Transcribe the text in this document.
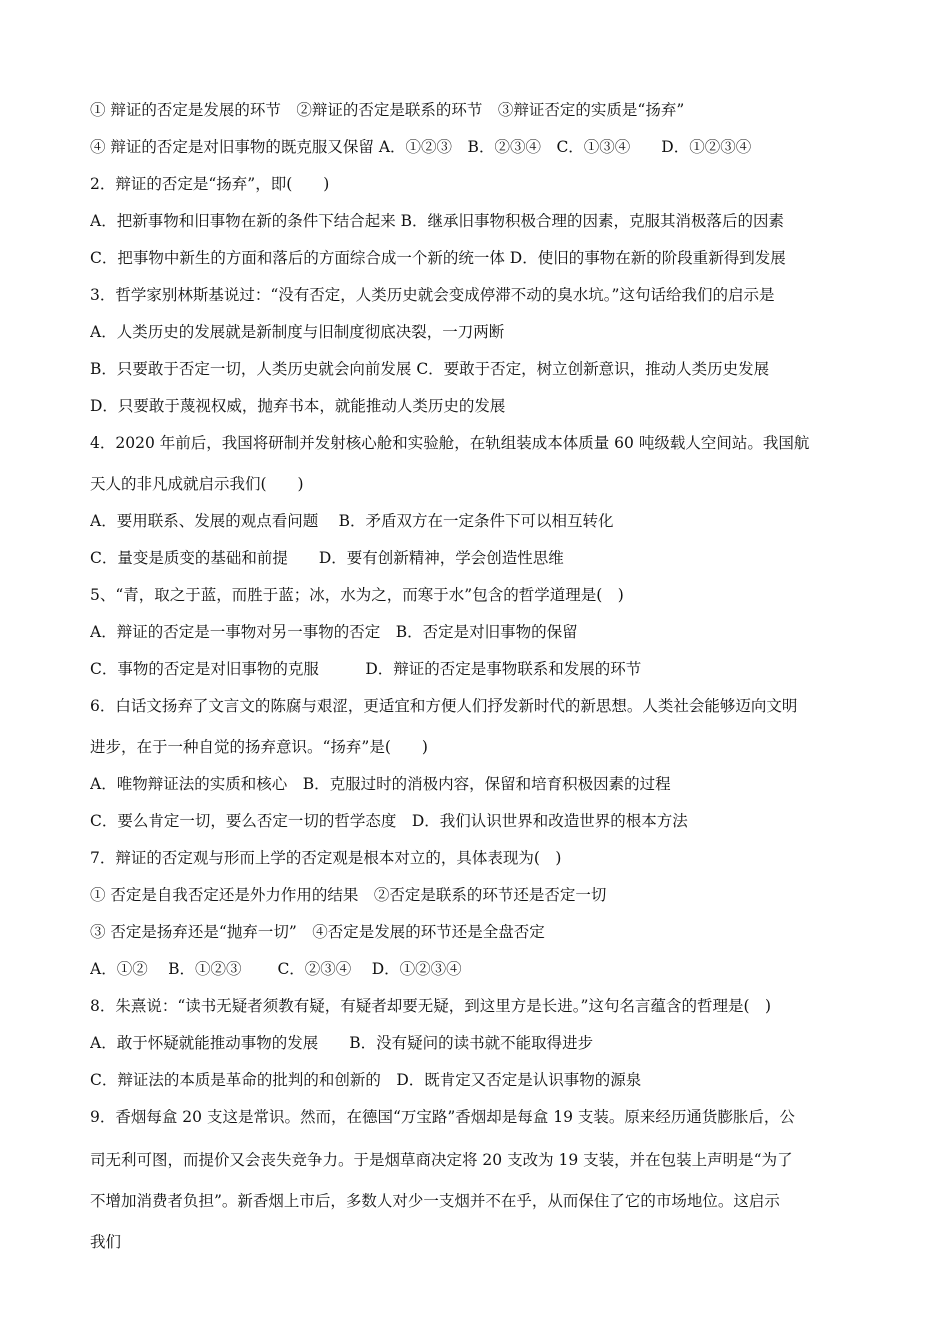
① 辩证的否定是发展的环节　②辩证的否定是联系的环节　③辩证否定的实质是“扬弃”
④ 辩证的否定是对旧事物的既克服又保留 A．①②③　B．②③④　C．①③④　　D．①②③④
2．辩证的否定是“扬弃”，即(　　)
A．把新事物和旧事物在新的条件下结合起来 B．继承旧事物积极合理的因素，克服其消极落后的因素
C．把事物中新生的方面和落后的方面综合成一个新的统一体 D．使旧的事物在新的阶段重新得到发展
3．哲学家别林斯基说过：“没有否定，人类历史就会变成停滞不动的臭水坑。”这句话给我们的启示是
A．人类历史的发展就是新制度与旧制度彻底决裂，一刀两断
B．只要敢于否定一切，人类历史就会向前发展 C．要敢于否定，树立创新意识，推动人类历史发展
D．只要敢于蔑视权威，抛弃书本，就能推动人类历史的发展
4．2020 年前后，我国将研制并发射核心舱和实验舱，在轨组装成本体质量 60 吨级载人空间站。我国航
天人的非凡成就启示我们(　　)
A．要用联系、发展的观点看问题　 B．矛盾双方在一定条件下可以相互转化
C．量变是质变的基础和前提　　D．要有创新精神，学会创造性思维
5、“青，取之于蓝，而胜于蓝；冰，水为之，而寒于水”包含的哲学道理是(　)
A．辩证的否定是一事物对另一事物的否定　B．否定是对旧事物的保留
C．事物的否定是对旧事物的克服　　　D．辩证的否定是事物联系和发展的环节
6．白话文扬弃了文言文的陈腐与艰涩，更适宜和方便人们抒发新时代的新思想。人类社会能够迈向文明
进步，在于一种自觉的扬弃意识。“扬弃”是(　　)
A．唯物辩证法的实质和核心　B．克服过时的消极内容，保留和培育积极因素的过程
C．要么肯定一切，要么否定一切的哲学态度　D．我们认识世界和改造世界的根本方法
7．辩证的否定观与形而上学的否定观是根本对立的，具体表现为(　)
① 否定是自我否定还是外力作用的结果　②否定是联系的环节还是否定一切
③ 否定是扬弃还是“抛弃一切”　④否定是发展的环节还是全盘否定
A．①②　 B．①②③　　 C．②③④　 D．①②③④
8．朱熹说：“读书无疑者须教有疑，有疑者却要无疑，到这里方是长进。”这句名言蕴含的哲理是(　)
A．敢于怀疑就能推动事物的发展　　B．没有疑问的读书就不能取得进步
C．辩证法的本质是革命的批判的和创新的　D．既肯定又否定是认识事物的源泉
9．香烟每盒 20 支这是常识。然而，在德国“万宝路”香烟却是每盒 19 支装。原来经历通货膨胀后，公
司无利可图，而提价又会丧失竞争力。于是烟草商决定将 20 支改为 19 支装，并在包装上声明是“为了
不增加消费者负担”。新香烟上市后，多数人对少一支烟并不在乎，从而保住了它的市场地位。这启示
我们
